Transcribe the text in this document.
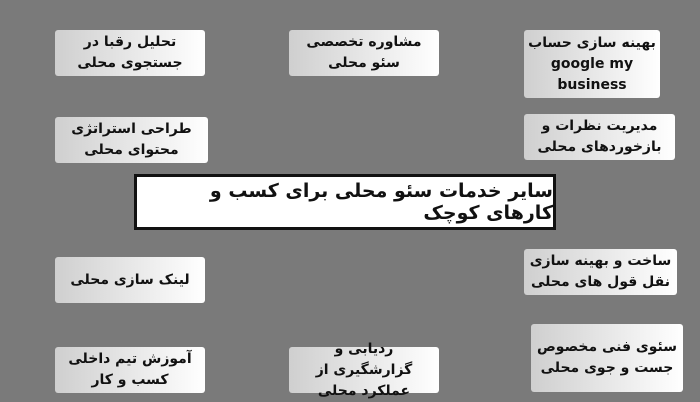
تحلیل رقبا در جستجوی محلی
مشاوره تخصصی سئو محلی
بهینه سازی حساب google my business
طراحی استراتژی محتوای محلی
مدیریت نظرات و بازخوردهای محلی
سایر خدمات سئو محلی برای کسب و کارهای کوچک
لینک سازی محلی
ساخت و بهینه سازی نقل قول های محلی
آموزش تیم داخلی کسب و کار
ردیابی و گزارشگیری از عملکرد محلی
سئوی فنی مخصوص جست و جوی محلی
